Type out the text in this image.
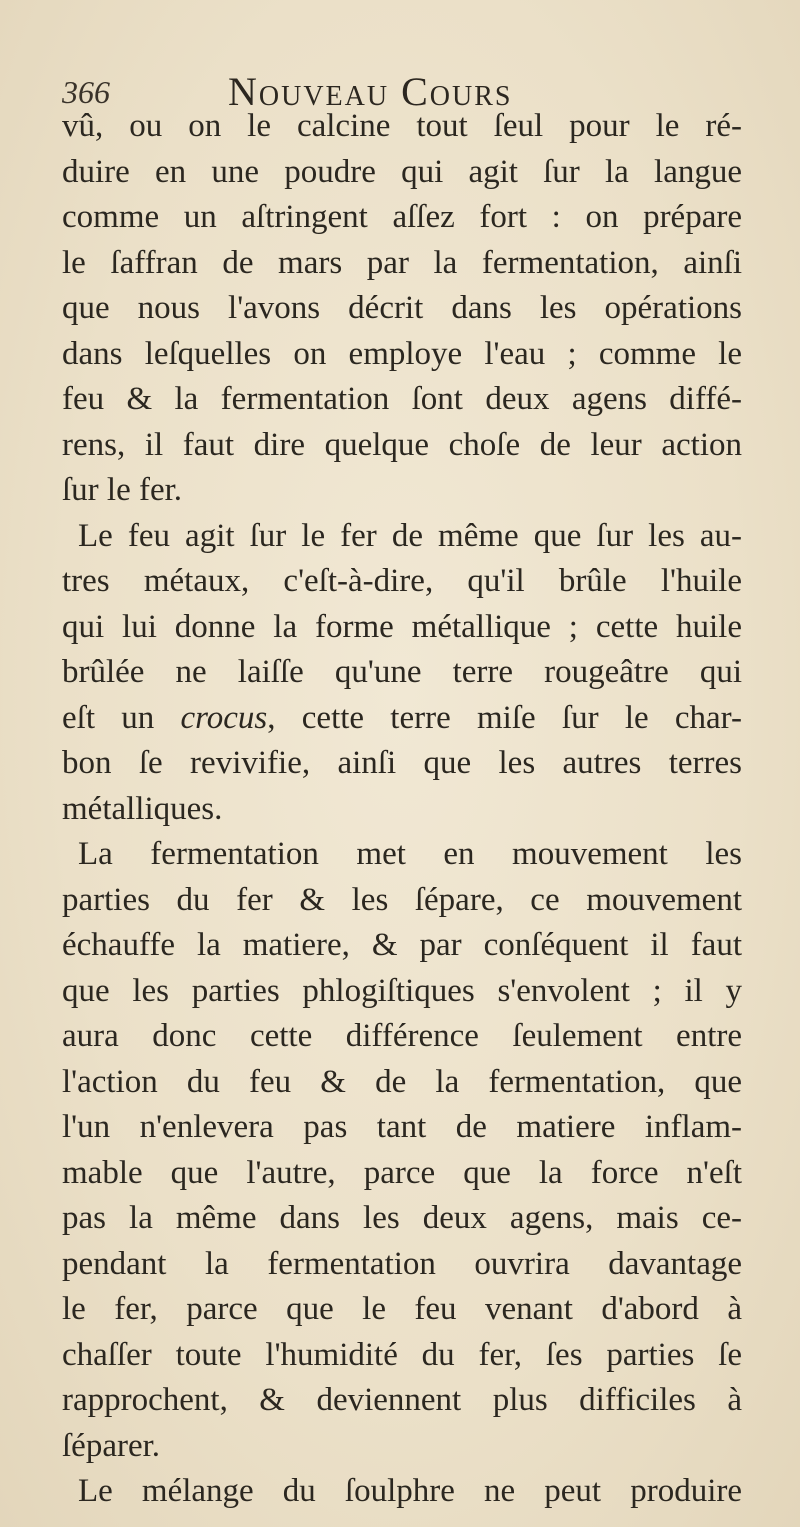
366	Nouveau Cours
vû, ou on le calcine tout ſeul pour le ré-
duire en une poudre qui agit ſur la langue
comme un aſtringent aſſez fort : on prépare
le ſaffran de mars par la fermentation, ainſi
que nous l'avons décrit dans les opérations
dans leſquelles on employe l'eau ; comme le
feu & la fermentation ſont deux agens diffé-
rens, il faut dire quelque choſe de leur action
ſur le fer.
Le feu agit ſur le fer de même que ſur les au-
tres métaux, c'eſt-à-dire, qu'il brûle l'huile
qui lui donne la forme métallique ; cette huile
brûlée ne laiſſe qu'une terre rougeâtre qui
eſt un crocus, cette terre miſe ſur le char-
bon ſe revivifie, ainſi que les autres terres
métalliques.
La fermentation met en mouvement les
parties du fer & les ſépare, ce mouvement
échauffe la matiere, & par conſéquent il faut
que les parties phlogiſtiques s'envolent ; il y
aura donc cette différence ſeulement entre
l'action du feu & de la fermentation, que
l'un n'enlevera pas tant de matiere inflam-
mable que l'autre, parce que la force n'eſt
pas la même dans les deux agens, mais ce-
pendant la fermentation ouvrira davantage
le fer, parce que le feu venant d'abord à
chaſſer toute l'humidité du fer, ſes parties ſe
rapprochent, & deviennent plus difficiles à
ſéparer.
Le mélange du ſoulphre ne peut produire
